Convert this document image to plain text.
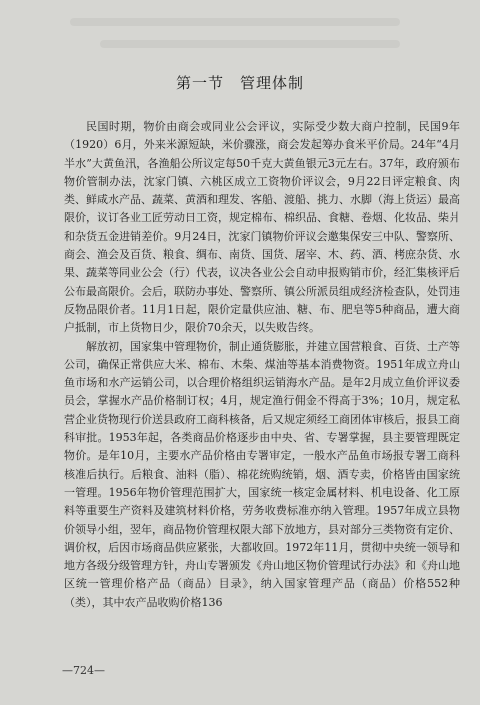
第一节　管理体制

民国时期，物价由商会或同业公会评议，实际受少数大商户控制，民国9年（1920）6月，外来米源短缺，米价骤涨，商会发起筹办食米平价局。24年“4月半水”大黄鱼汛，各渔船公所议定每50千克大黄鱼银元3元左右。37年，政府颁布物价管制办法，沈家门镇、六桃区成立工资物价评议会，9月22日评定粮食、肉类、鲜咸水产品、蔬菜、黄酒和理发、客船、渡船、挑力、水脚（海上货运）最高限价，议订各业工匠劳动日工资，规定棉布、棉织品、食糖、卷烟、化妆品、柴爿和杂货五金进销差价。9月24日，沈家门镇物价评议会邀集保安三中队、警察所、商会、渔会及百货、粮食、绸布、南货、国货、屠宰、木、药、酒、栲庶杂货、水果、蔬菜等同业公会（行）代表，议决各业公会自动申报购销市价，经汇集核评后公布最高限价。会后，联防办事处、警察所、镇公所派员组成经济检查队，处罚违反物品限价者。11月1日起，限价定量供应油、糖、布、肥皂等5种商品，遭大商户抵制，市上货物日少，限价70余天，以失败告终。

解放初，国家集中管理物价，制止通货膨胀，并建立国营粮食、百货、土产等公司，确保正常供应大米、棉布、木柴、煤油等基本消费物资。1951年成立舟山鱼市场和水产运销公司，以合理价格组织运销海水产品。是年2月成立鱼价评议委员会，掌握水产品价格制订权；4月，规定渔行佣金不得高于3%；10月，规定私营企业货物现行价送县政府工商科核备，后又规定须经工商团体审核后，报县工商科审批。1953年起，各类商品价格逐步由中央、省、专署掌握，县主要管理既定物价。是年10月，主要水产品价格由专署审定，一般水产品鱼市场报专署工商科核准后执行。后粮食、油料（脂）、棉花统购统销，烟、酒专卖，价格皆由国家统一管理。1956年物价管理范围扩大，国家统一核定金属材料、机电设备、化工原料等重要生产资料及建筑材料价格，劳务收费标准亦纳入管理。1957年成立县物价领导小组，翌年，商品物价管理权限大部下放地方，县对部分三类物资有定价、调价权，后因市场商品供应紧张，大都收回。1972年11月，贯彻中央统一领导和地方各级分级管理方针，舟山专署颁发《舟山地区物价管理试行办法》和《舟山地区统一管理价格产品（商品）目录》，纳入国家管理产品（商品）价格552种（类），其中农产品收购价格136

—724—
